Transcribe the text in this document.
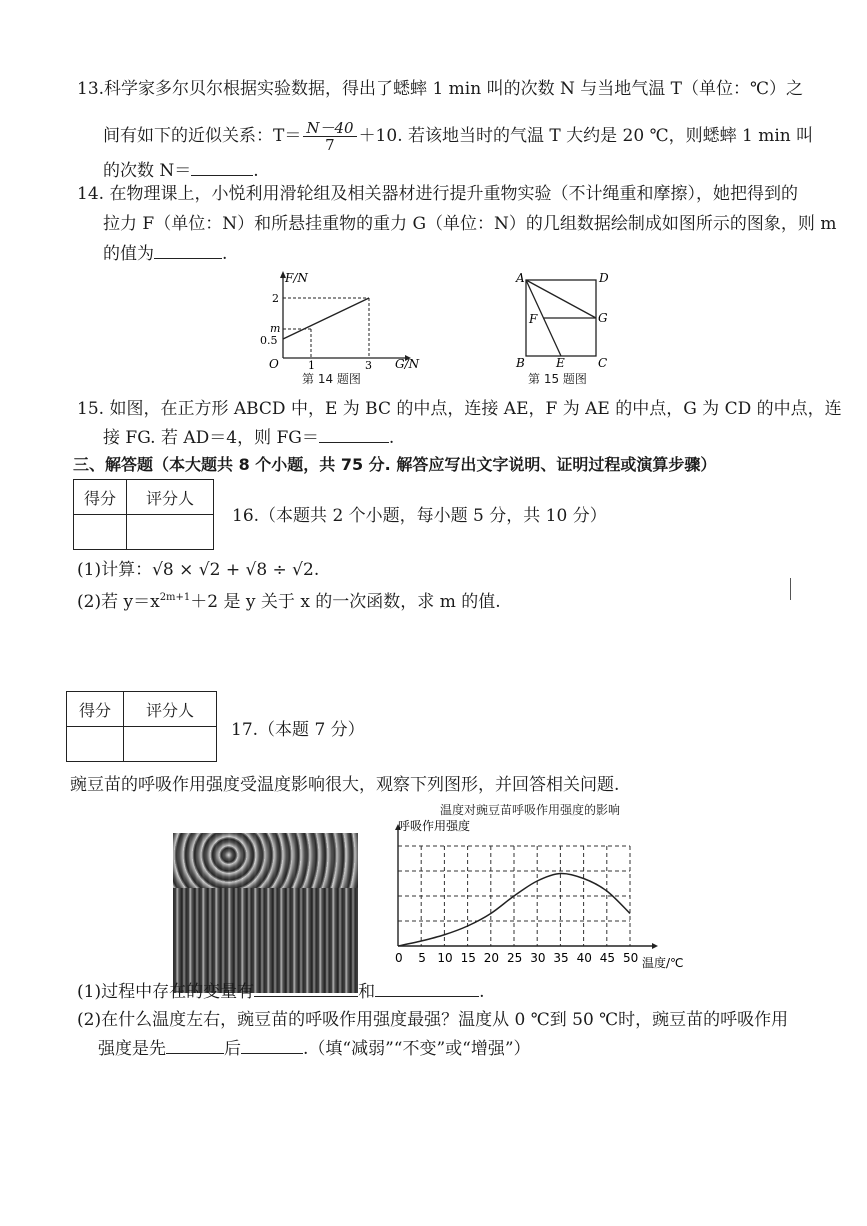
13.科学家多尔贝尔根据实验数据，得出了蟋蟀 1 min 叫的次数 N 与当地气温 T（单位：℃）之
间有如下的近似关系：$T= \frac{N-40}{7} +10$. 若该地当时的气温 T 大约是 20 ℃，则蟋蟀 1 min 叫
的次数 N＝	.
14. 在物理课上，小悦利用滑轮组及相关器材进行提升重物实验（不计绳重和摩擦），她把得到的
拉力 F（单位：N）和所悬挂重物的重力 G（单位：N）的几组数据绘制成如图所示的图象，则 m
的值为	.
F/N
G/N
O
2
m
0.5
1	3
第 14 题图
A	D
F	G
B	E	C
第 15 题图
15. 如图，在正方形 ABCD 中，E 为 BC 的中点，连接 AE，F 为 AE 的中点，G 为 CD 的中点，连
接 FG. 若 AD＝4，则 FG＝	.
三、解答题（本大题共 8 个小题，共 75 分. 解答应写出文字说明、证明过程或演算步骤）
得分	评分人

16.（本题共 2 个小题，每小题 5 分，共 10 分）
(1)计算：√8 × √2 + √8 ÷ √2.
(2)若 $y=x^{2m+1}+2$ 是 y 关于 x 的一次函数，求 m 的值.
得分	评分人

17.（本题 7 分）
豌豆苗的呼吸作用强度受温度影响很大，观察下列图形，并回答相关问题.
温度对豌豆苗呼吸作用强度的影响
0 5 10 15 20 25 30 35 40 45 50
呼吸作用强度
温度/℃
(1)过程中存在的变量有	和	.
(2)在什么温度左右，豌豆苗的呼吸作用强度最强？温度从 0 ℃到 50 ℃时，豌豆苗的呼吸作用
强度是先	后	.（填“减弱”“不变”或“增强”）
